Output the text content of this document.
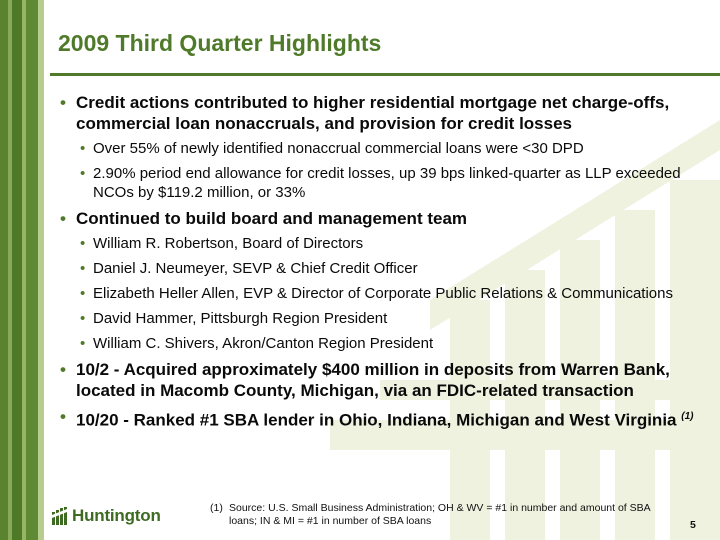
2009 Third Quarter Highlights
• Credit actions contributed to higher residential mortgage net charge-offs, commercial loan nonaccruals, and provision for credit losses
• Over 55% of newly identified nonaccrual commercial loans were <30 DPD
• 2.90% period end allowance for credit losses, up 39 bps linked-quarter as LLP exceeded NCOs by $119.2 million, or 33%
• Continued to build board and management team
• William R. Robertson, Board of Directors
• Daniel J. Neumeyer, SEVP & Chief Credit Officer
• Elizabeth Heller Allen, EVP & Director of Corporate Public Relations & Communications
• David Hammer, Pittsburgh Region President
• William C. Shivers, Akron/Canton Region President
• 10/2 - Acquired approximately $400 million in deposits from Warren Bank, located in Macomb County, Michigan, via an FDIC-related transaction
• 10/20 - Ranked #1 SBA lender in Ohio, Indiana, Michigan and West Virginia $^{(1)}$
Huntington	(1) Source: U.S. Small Business Administration; OH & WV = #1 in number and amount of SBA loans; IN & MI = #1 in number of SBA loans	5
